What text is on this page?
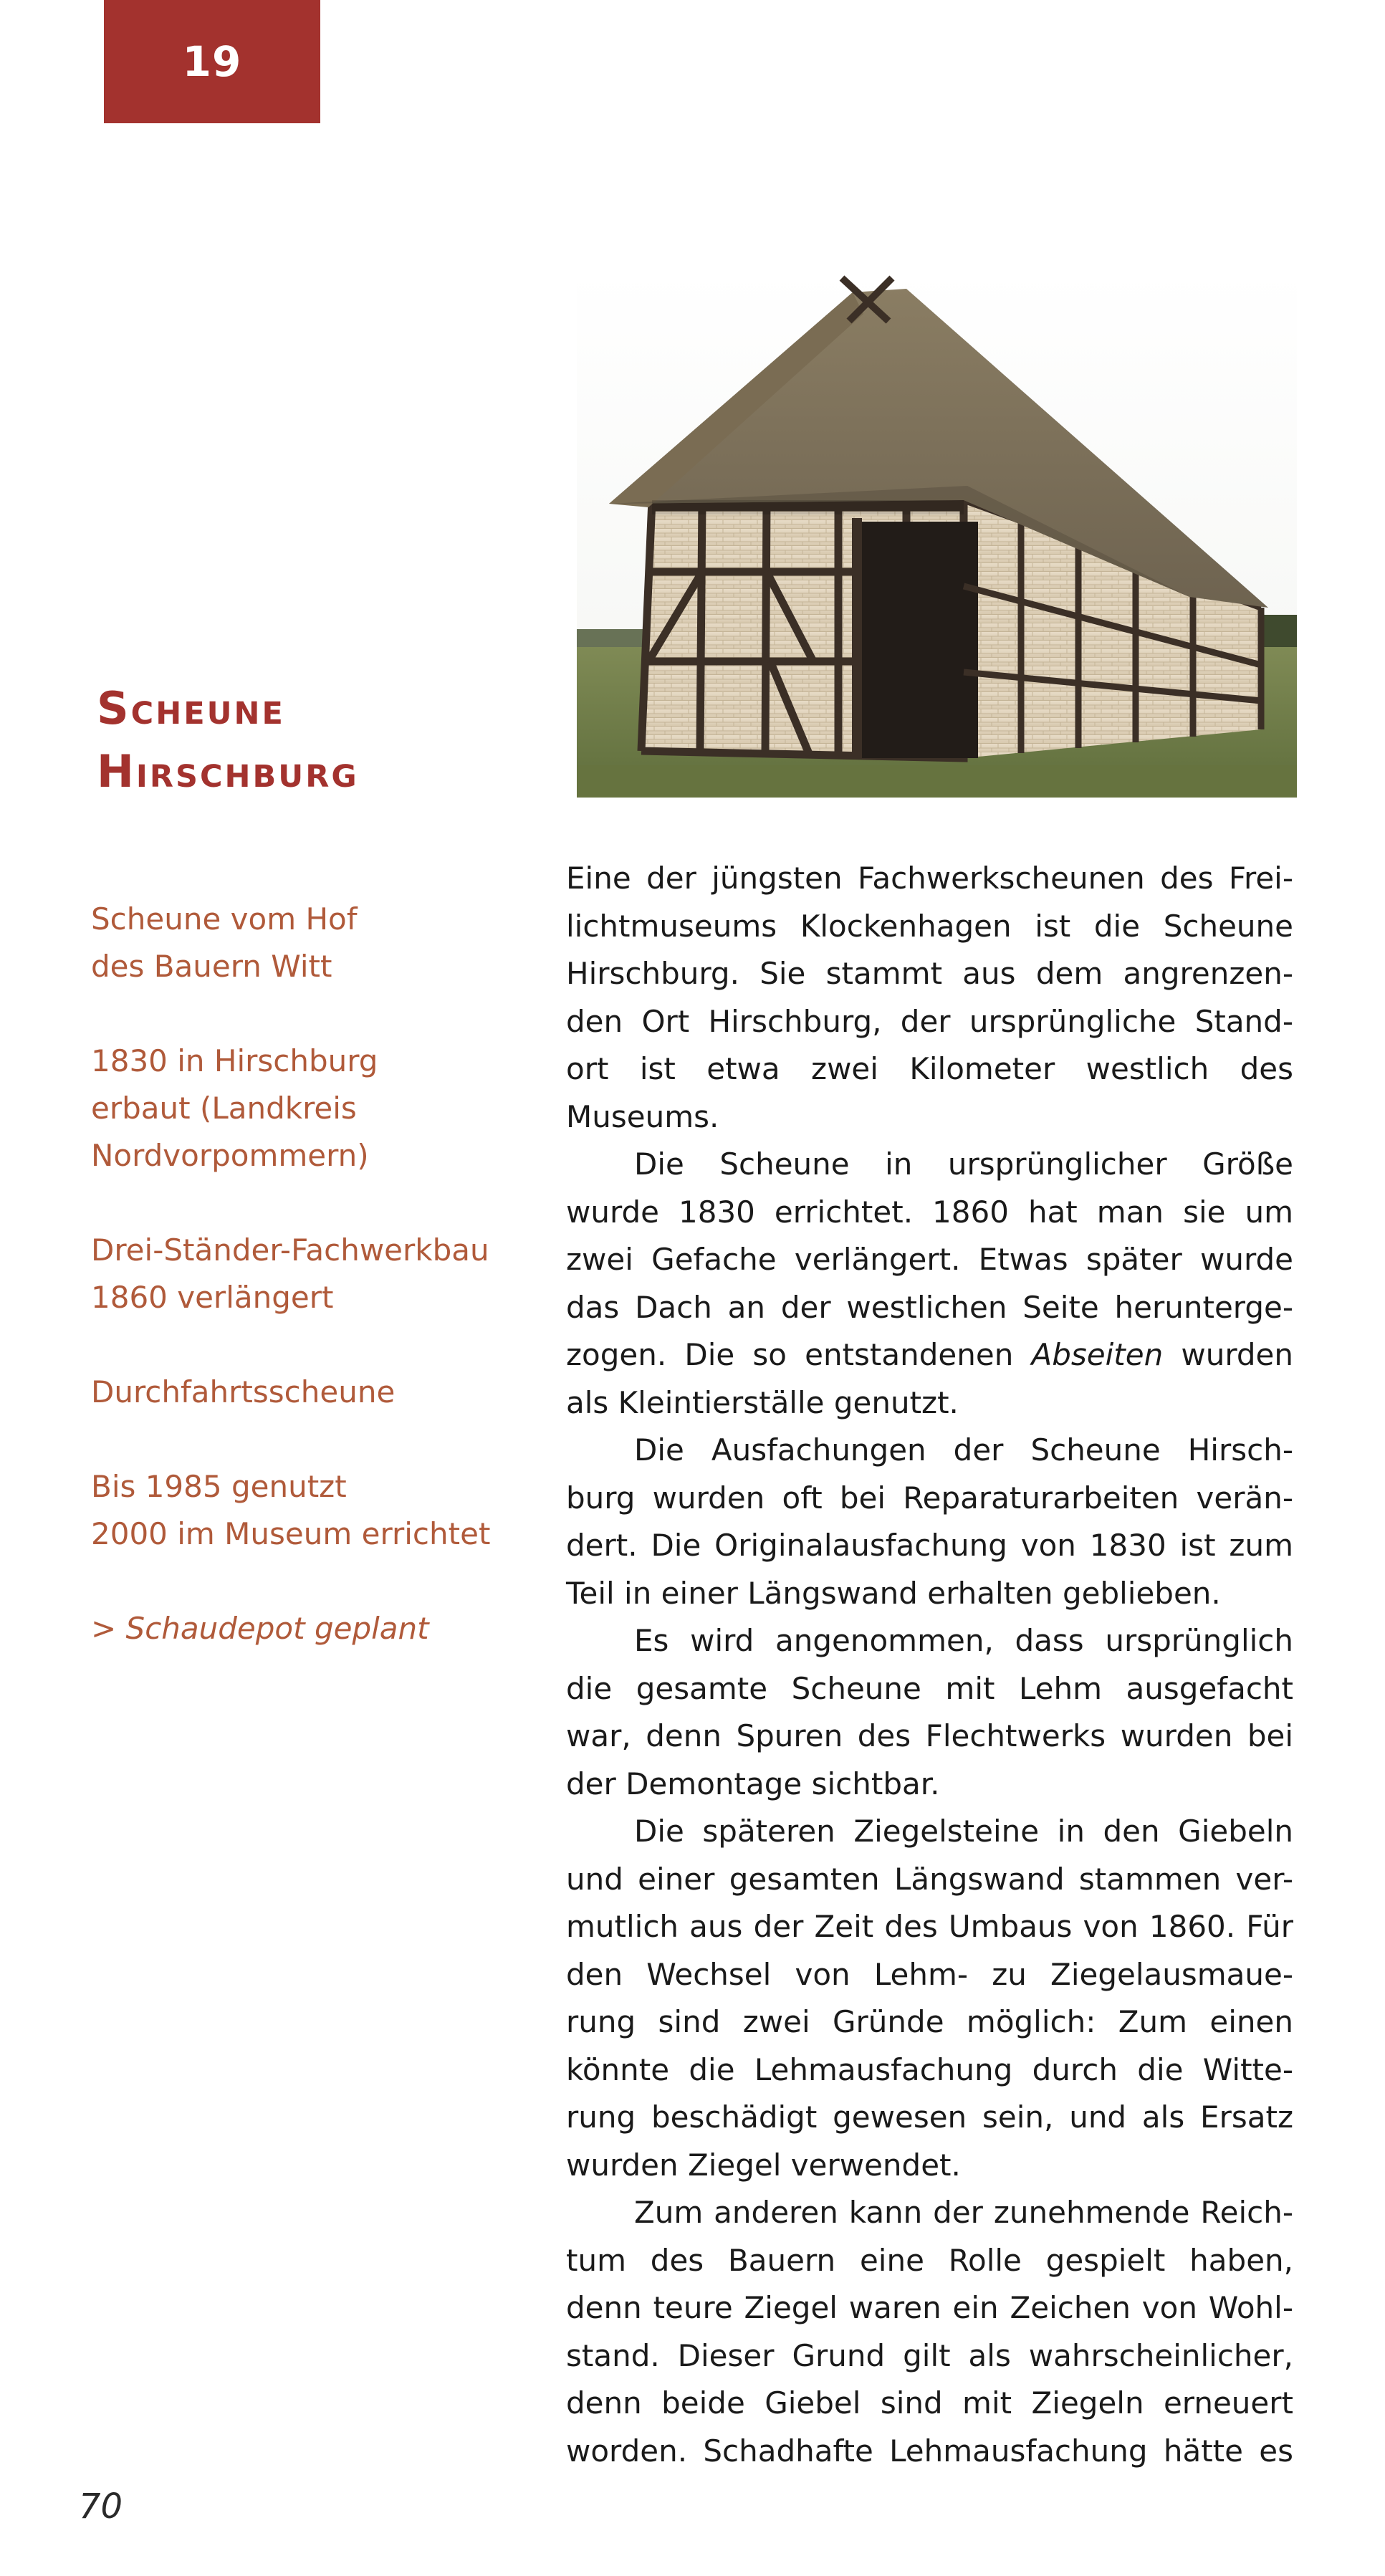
19
Scheune
Hirschburg
Scheune vom Hof
des Bauern Witt
1830 in Hirschburg
erbaut (Landkreis
Nordvorpommern)
Drei-Ständer-Fachwerkbau
1860 verlängert
Durchfahrtsscheune
Bis 1985 genutzt
2000 im Museum errichtet
> Schaudepot geplant

Eine der jüngsten Fachwerkscheunen des Frei-
lichtmuseums Klockenhagen ist die Scheune
Hirschburg. Sie stammt aus dem angrenzen-
den Ort Hirschburg, der ursprüngliche Stand-
ort ist etwa zwei Kilometer westlich des
Museums.

Die Scheune in ursprünglicher Größe
wurde 1830 errichtet. 1860 hat man sie um
zwei Gefache verlängert. Etwas später wurde
das Dach an der westlichen Seite herunterge-
zogen. Die so entstandenen Abseiten wurden
als Kleintierställe genutzt.

Die Ausfachungen der Scheune Hirsch-
burg wurden oft bei Reparaturarbeiten verän-
dert. Die Originalausfachung von 1830 ist zum
Teil in einer Längswand erhalten geblieben.

Es wird angenommen, dass ursprünglich
die gesamte Scheune mit Lehm ausgefacht
war, denn Spuren des Flechtwerks wurden bei
der Demontage sichtbar.

Die späteren Ziegelsteine in den Giebeln
und einer gesamten Längswand stammen ver-
mutlich aus der Zeit des Umbaus von 1860. Für
den Wechsel von Lehm- zu Ziegelausmaue-
rung sind zwei Gründe möglich: Zum einen
könnte die Lehmausfachung durch die Witte-
rung beschädigt gewesen sein, und als Ersatz
wurden Ziegel verwendet.

Zum anderen kann der zunehmende Reich-
tum des Bauern eine Rolle gespielt haben,
denn teure Ziegel waren ein Zeichen von Wohl-
stand. Dieser Grund gilt als wahrscheinlicher,
denn beide Giebel sind mit Ziegeln erneuert
worden. Schadhafte Lehmausfachung hätte es

70
